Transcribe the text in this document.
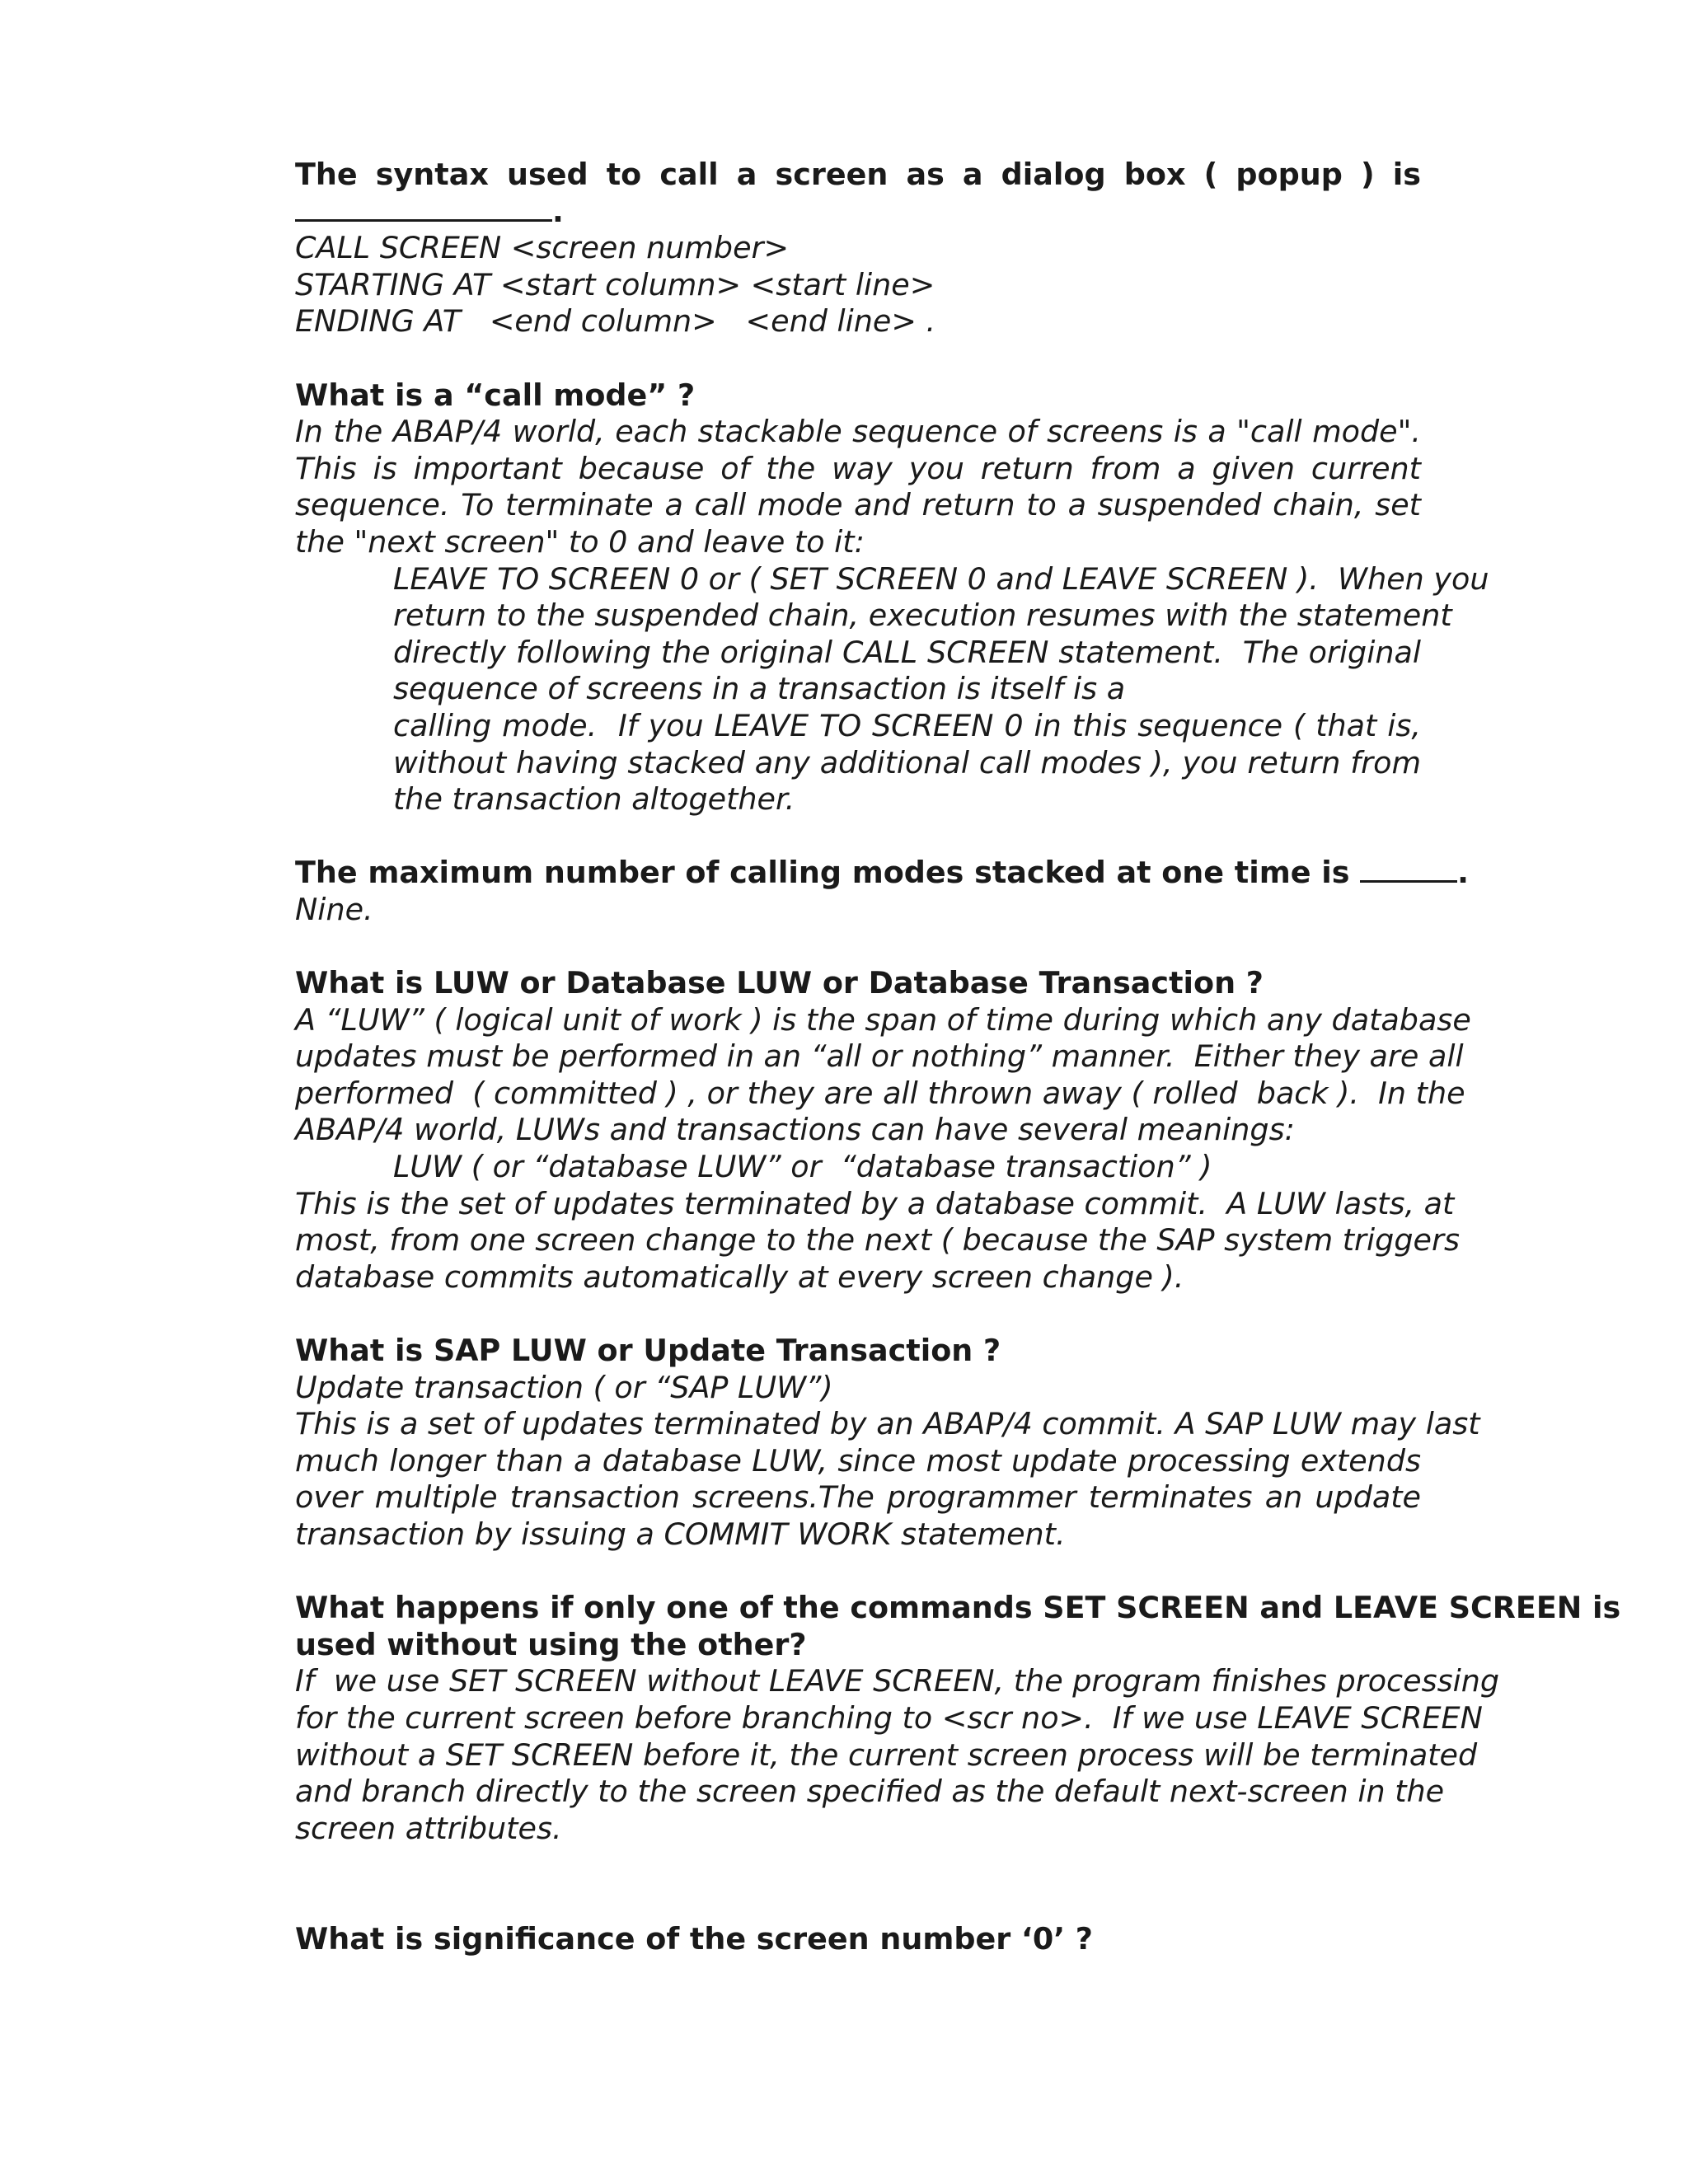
The syntax used to call a screen as a dialog box ( popup ) is
.
CALL SCREEN <screen number>
STARTING AT <start column> <start line>
ENDING AT   <end column>   <end line> .
What is a “call mode” ?
In the ABAP/4 world, each stackable sequence of screens is a "call mode".
This is important because of the way you return from a given current
sequence. To terminate a call mode and return to a suspended chain, set
the "next screen" to 0 and leave to it:
LEAVE TO SCREEN 0 or ( SET SCREEN 0 and LEAVE SCREEN ).  When you
return to the suspended chain, execution resumes with the statement
directly following the original CALL SCREEN statement.  The original
sequence of screens in a transaction is itself is a
calling mode.  If you LEAVE TO SCREEN 0 in this sequence ( that is,
without having stacked any additional call modes ), you return from
the transaction altogether.
The maximum number of calling modes stacked at one time is	.
Nine.
What is LUW or Database LUW or Database Transaction ?
A “LUW” ( logical unit of work ) is the span of time during which any database
updates must be performed in an “all or nothing” manner.  Either they are all
performed  ( committed ) , or they are all thrown away ( rolled  back ).  In the
ABAP/4 world, LUWs and transactions can have several meanings:
LUW ( or “database LUW” or  “database transaction” )
This is the set of updates terminated by a database commit.  A LUW lasts, at
most, from one screen change to the next ( because the SAP system triggers
database commits automatically at every screen change ).
What is SAP LUW or Update Transaction ?
Update transaction ( or “SAP LUW”)
This is a set of updates terminated by an ABAP/4 commit. A SAP LUW may last
much longer than a database LUW, since most update processing extends
over multiple transaction screens.The programmer terminates an update
transaction by issuing a COMMIT WORK statement.
What happens if only one of the commands SET SCREEN and LEAVE SCREEN is
used without using the other?
If  we use SET SCREEN without LEAVE SCREEN, the program finishes processing
for the current screen before branching to <scr no>.  If we use LEAVE SCREEN
without a SET SCREEN before it, the current screen process will be terminated
and branch directly to the screen specified as the default next-screen in the
screen attributes.
What is significance of the screen number ‘0’ ?
